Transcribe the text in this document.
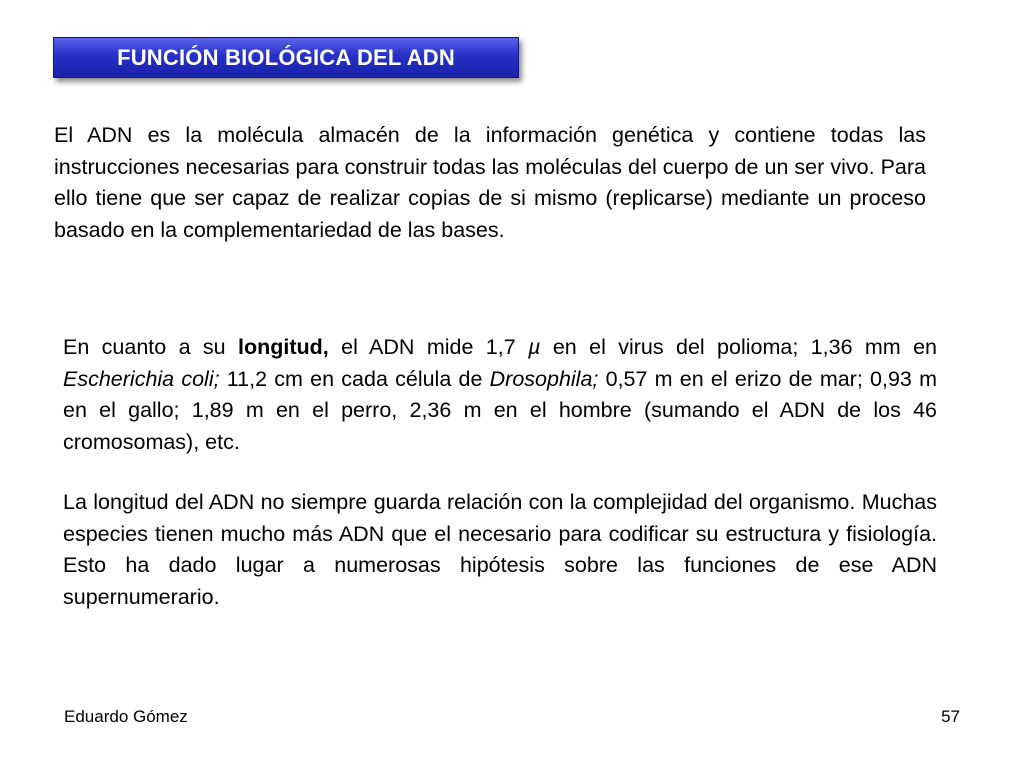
FUNCIÓN BIOLÓGICA DEL ADN

El ADN es la molécula almacén de la información genética y contiene todas las instrucciones necesarias para construir todas las moléculas del cuerpo de un ser vivo. Para ello tiene que ser capaz de realizar copias de si mismo (replicarse) mediante un proceso basado en la complementariedad de las bases.

En cuanto a su longitud, el ADN mide 1,7 µ en el virus del polioma; 1,36 mm en Escherichia coli; 11,2 cm en cada célula de Drosophila; 0,57 m en el erizo de mar; 0,93 m en el gallo; 1,89 m en el perro, 2,36 m en el hombre (sumando el ADN de los 46 cromosomas), etc.

La longitud del ADN no siempre guarda relación con la complejidad del organismo. Muchas especies tienen mucho más ADN que el necesario para codificar su estructura y fisiología. Esto ha dado lugar a numerosas hipótesis sobre las funciones de ese ADN supernumerario.

Eduardo Gómez	57
